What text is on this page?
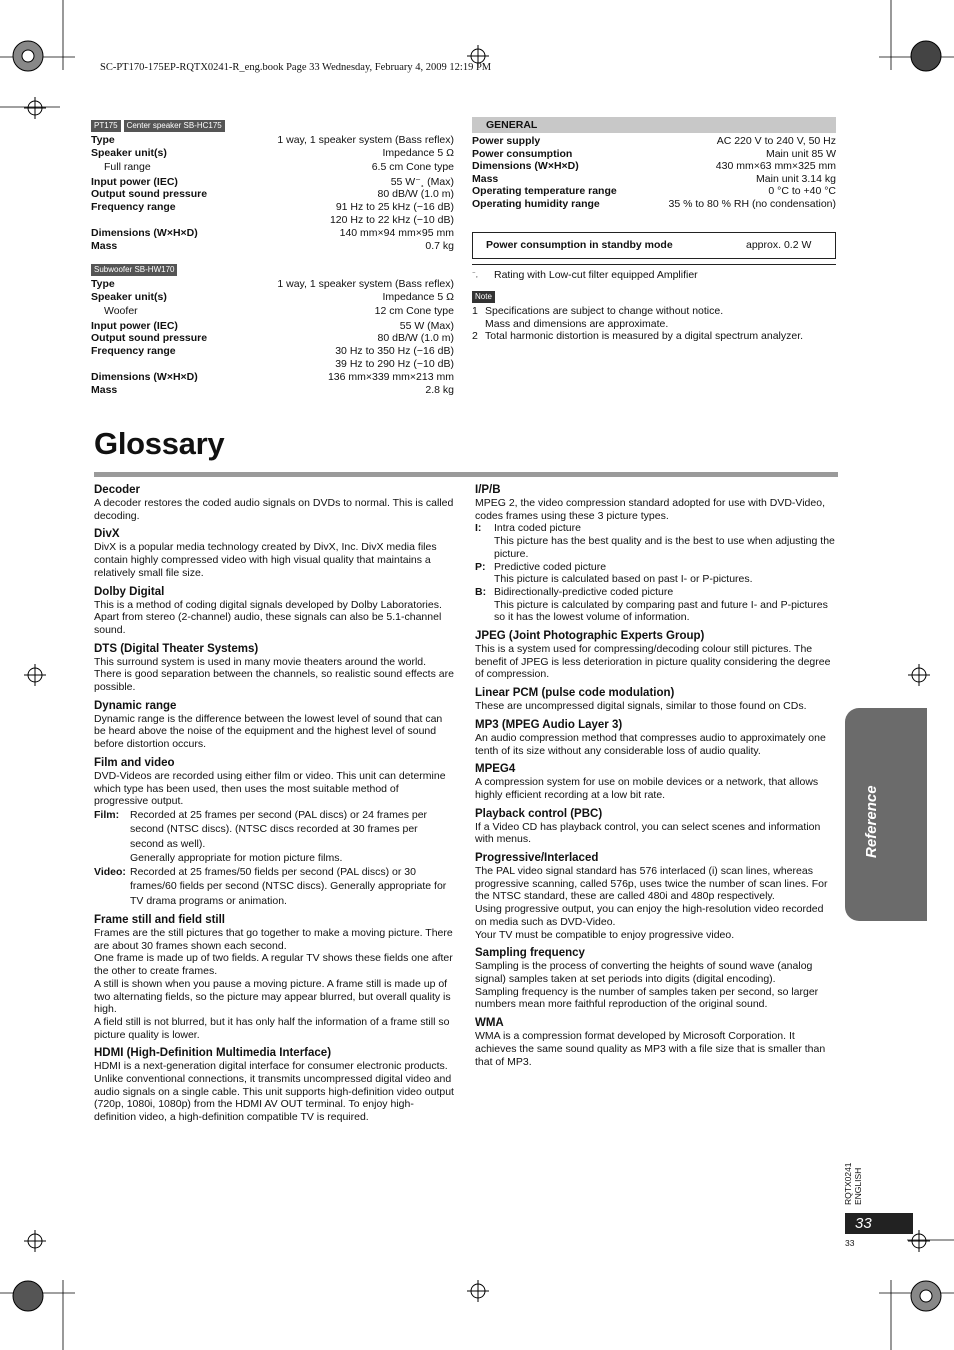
SC-PT170-175EP-RQTX0241-R_eng.book Page 33 Wednesday, February 4, 2009 12:19 PM
PT175 Center speaker SB-HC175
Type	1 way, 1 speaker system (Bass reflex)
Speaker unit(s)	Impedance 5 Ω
Full range	6.5 cm Cone type
Input power (IEC)	55 W⁻¸ (Max)
Output sound pressure	80 dB/W (1.0 m)
Frequency range	91 Hz to 25 kHz (−16 dB)
120 Hz to 22 kHz (−10 dB)
Dimensions (W×H×D)	140 mm×94 mm×95 mm
Mass	0.7 kg
Subwoofer SB-HW170
Type	1 way, 1 speaker system (Bass reflex)
Speaker unit(s)	Impedance 5 Ω
Woofer	12 cm Cone type
Input power (IEC)	55 W (Max)
Output sound pressure	80 dB/W (1.0 m)
Frequency range	30 Hz to 350 Hz (−16 dB)
39 Hz to 290 Hz (−10 dB)
Dimensions (W×H×D)	136 mm×339 mm×213 mm
Mass	2.8 kg
GENERAL
Power supply	AC 220 V to 240 V, 50 Hz
Power consumption	Main unit 85 W
Dimensions (W×H×D)	430 mm×63 mm×325 mm
Mass	Main unit 3.14 kg
Operating temperature range	0 °C to +40 °C
Operating humidity range	35 % to 80 % RH (no condensation)
Power consumption in standby mode	approx. 0.2 W
⁻¸	Rating with Low-cut filter equipped Amplifier
Note
1 Specifications are subject to change without notice.
Mass and dimensions are approximate.
2 Total harmonic distortion is measured by a digital spectrum analyzer.
Glossary
Decoder
A decoder restores the coded audio signals on DVDs to normal. This is called decoding.
DivX
DivX is a popular media technology created by DivX, Inc. DivX media files contain highly compressed video with high visual quality that maintains a relatively small file size.
Dolby Digital
This is a method of coding digital signals developed by Dolby Laboratories. Apart from stereo (2-channel) audio, these signals can also be 5.1-channel sound.
DTS (Digital Theater Systems)
This surround system is used in many movie theaters around the world. There is good separation between the channels, so realistic sound effects are possible.
Dynamic range
Dynamic range is the difference between the lowest level of sound that can be heard above the noise of the equipment and the highest level of sound before distortion occurs.
Film and video
DVD-Videos are recorded using either film or video. This unit can determine which type has been used, then uses the most suitable method of progressive output.
Film:	Recorded at 25 frames per second (PAL discs) or 24 frames per second (NTSC discs). (NTSC discs recorded at 30 frames per second as well).
Generally appropriate for motion picture films.
Video: Recorded at 25 frames/50 fields per second (PAL discs) or 30 frames/60 fields per second (NTSC discs). Generally appropriate for TV drama programs or animation.
Frame still and field still
Frames are the still pictures that go together to make a moving picture. There are about 30 frames shown each second.
One frame is made up of two fields. A regular TV shows these fields one after the other to create frames.
A still is shown when you pause a moving picture. A frame still is made up of two alternating fields, so the picture may appear blurred, but overall quality is high.
A field still is not blurred, but it has only half the information of a frame still so picture quality is lower.
HDMI (High-Definition Multimedia Interface)
HDMI is a next-generation digital interface for consumer electronic products. Unlike conventional connections, it transmits uncompressed digital video and audio signals on a single cable. This unit supports high-definition video output (720p, 1080i, 1080p) from the HDMI AV OUT terminal. To enjoy high-definition video, a high-definition compatible TV is required.
I/P/B
MPEG 2, the video compression standard adopted for use with DVD-Video, codes frames using these 3 picture types.
I:	Intra coded picture
This picture has the best quality and is the best to use when adjusting the picture.
P: Predictive coded picture
This picture is calculated based on past I- or P-pictures.
B: Bidirectionally-predictive coded picture
This picture is calculated by comparing past and future I- and P-pictures so it has the lowest volume of information.
JPEG (Joint Photographic Experts Group)
This is a system used for compressing/decoding colour still pictures. The benefit of JPEG is less deterioration in picture quality considering the degree of compression.
Linear PCM (pulse code modulation)
These are uncompressed digital signals, similar to those found on CDs.
MP3 (MPEG Audio Layer 3)
An audio compression method that compresses audio to approximately one tenth of its size without any considerable loss of audio quality.
MPEG4
A compression system for use on mobile devices or a network, that allows highly efficient recording at a low bit rate.
Playback control (PBC)
If a Video CD has playback control, you can select scenes and information with menus.
Progressive/Interlaced
The PAL video signal standard has 576 interlaced (i) scan lines, whereas progressive scanning, called 576p, uses twice the number of scan lines. For the NTSC standard, these are called 480i and 480p respectively.
Using progressive output, you can enjoy the high-resolution video recorded on media such as DVD-Video.
Your TV must be compatible to enjoy progressive video.
Sampling frequency
Sampling is the process of converting the heights of sound wave (analog signal) samples taken at set periods into digits (digital encoding).
Sampling frequency is the number of samples taken per second, so larger numbers mean more faithful reproduction of the original sound.
WMA
WMA is a compression format developed by Microsoft Corporation. It achieves the same sound quality as MP3 with a file size that is smaller than that of MP3.
Reference
RQTX0241 ENGLISH
33
33
